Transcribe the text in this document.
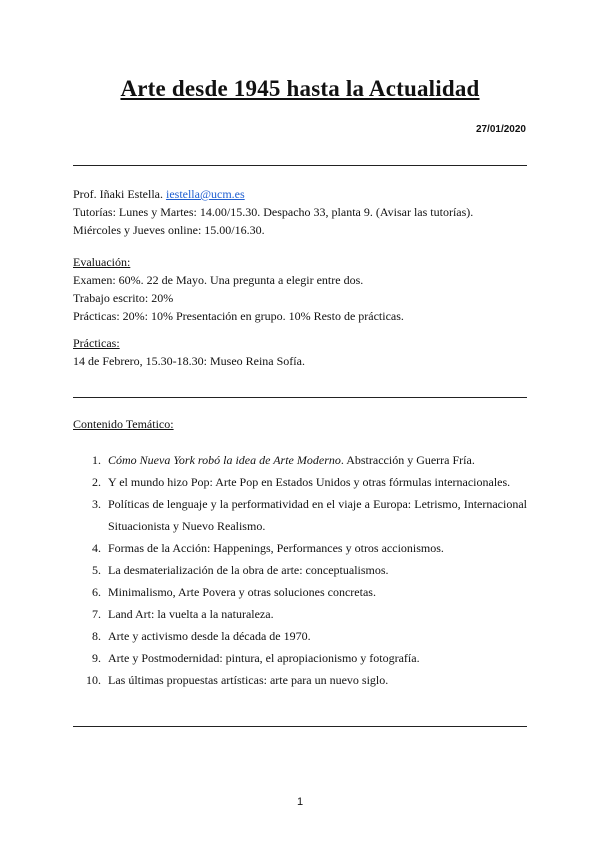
Arte desde 1945 hasta la Actualidad
27/01/2020
Prof. Iñaki Estella. iestella@ucm.es
Tutorías: Lunes y Martes: 14.00/15.30. Despacho 33, planta 9. (Avisar las tutorías).
Miércoles y Jueves online: 15.00/16.30.
Evaluación:
Examen: 60%. 22 de Mayo. Una pregunta a elegir entre dos.
Trabajo escrito: 20%
Prácticas: 20%: 10% Presentación en grupo. 10% Resto de prácticas.
Prácticas:
14 de Febrero, 15.30-18.30: Museo Reina Sofía.
Contenido Temático:
1. Cómo Nueva York robó la idea de Arte Moderno. Abstracción y Guerra Fría.
2. Y el mundo hizo Pop: Arte Pop en Estados Unidos y otras fórmulas internacionales.
3. Políticas de lenguaje y la performatividad en el viaje a Europa: Letrismo, Internacional Situacionista y Nuevo Realismo.
4. Formas de la Acción: Happenings, Performances y otros accionismos.
5. La desmaterialización de la obra de arte: conceptualismos.
6. Minimalismo, Arte Povera y otras soluciones concretas.
7. Land Art: la vuelta a la naturaleza.
8. Arte y activismo desde la década de 1970.
9. Arte y Postmodernidad: pintura, el apropiacionismo y fotografía.
10. Las últimas propuestas artísticas: arte para un nuevo siglo.
1
